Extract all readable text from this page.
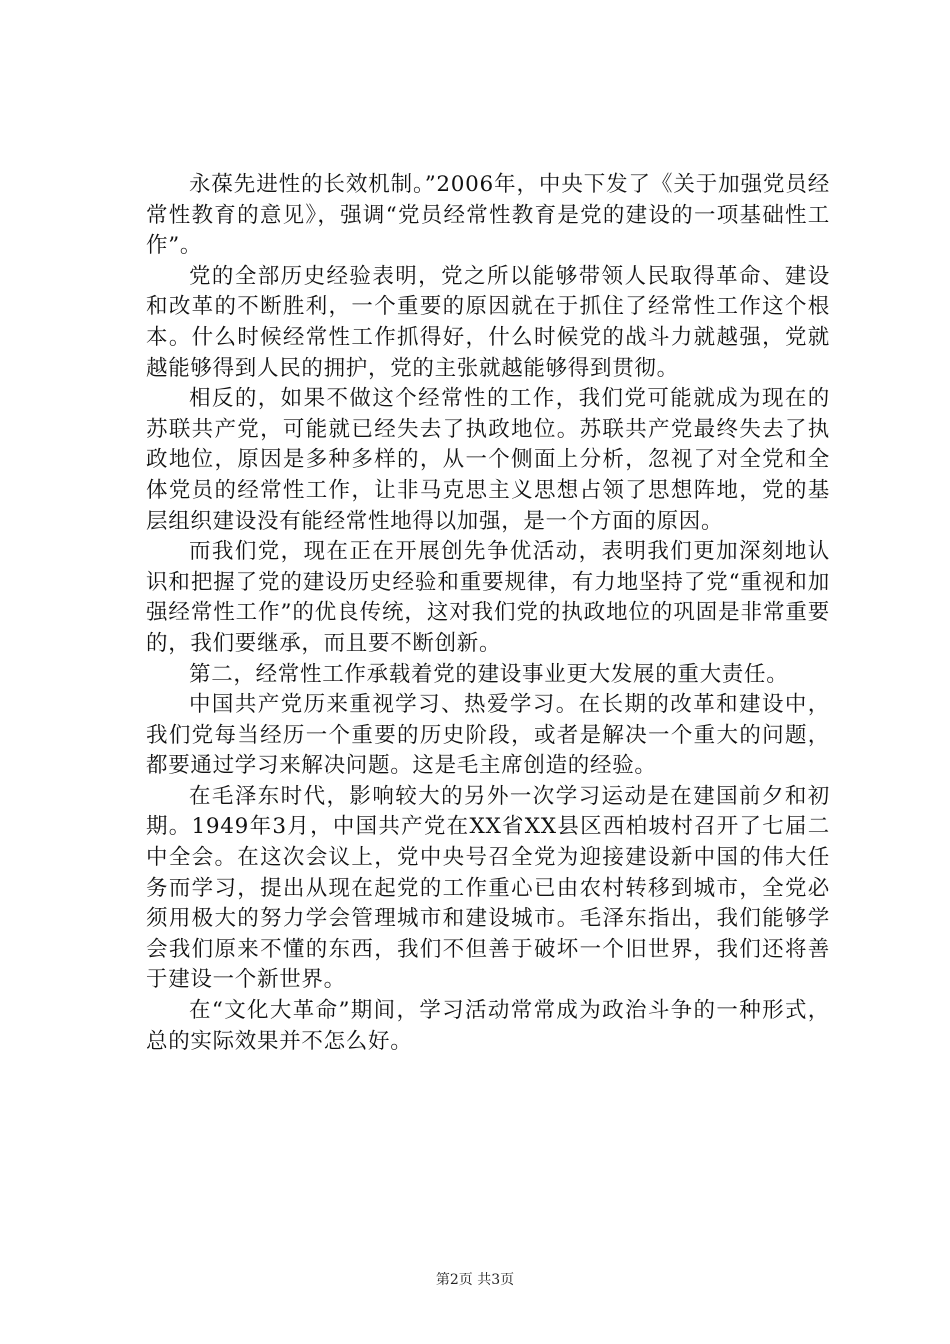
永葆先进性的长效机制。”2006年，中央下发了《关于加强党员经常性教育的意见》，强调“党员经常性教育是党的建设的一项基础性工作”。

党的全部历史经验表明，党之所以能够带领人民取得革命、建设和改革的不断胜利，一个重要的原因就在于抓住了经常性工作这个根本。什么时候经常性工作抓得好，什么时候党的战斗力就越强，党就越能够得到人民的拥护，党的主张就越能够得到贯彻。

相反的，如果不做这个经常性的工作，我们党可能就成为现在的苏联共产党，可能就已经失去了执政地位。苏联共产党最终失去了执政地位，原因是多种多样的，从一个侧面上分析，忽视了对全党和全体党员的经常性工作，让非马克思主义思想占领了思想阵地，党的基层组织建设没有能经常性地得以加强，是一个方面的原因。

而我们党，现在正在开展创先争优活动，表明我们更加深刻地认识和把握了党的建设历史经验和重要规律，有力地坚持了党“重视和加强经常性工作”的优良传统，这对我们党的执政地位的巩固是非常重要的，我们要继承，而且要不断创新。

第二，经常性工作承载着党的建设事业更大发展的重大责任。

中国共产党历来重视学习、热爱学习。在长期的改革和建设中，我们党每当经历一个重要的历史阶段，或者是解决一个重大的问题，都要通过学习来解决问题。这是毛主席创造的经验。

在毛泽东时代，影响较大的另外一次学习运动是在建国前夕和初期。1949年3月，中国共产党在XX省XX县区西柏坡村召开了七届二中全会。在这次会议上，党中央号召全党为迎接建设新中国的伟大任务而学习，提出从现在起党的工作重心已由农村转移到城市，全党必须用极大的努力学会管理城市和建设城市。毛泽东指出，我们能够学会我们原来不懂的东西，我们不但善于破坏一个旧世界，我们还将善于建设一个新世界。

在“文化大革命”期间，学习活动常常成为政治斗争的一种形式，总的实际效果并不怎么好。

第2页 共3页
